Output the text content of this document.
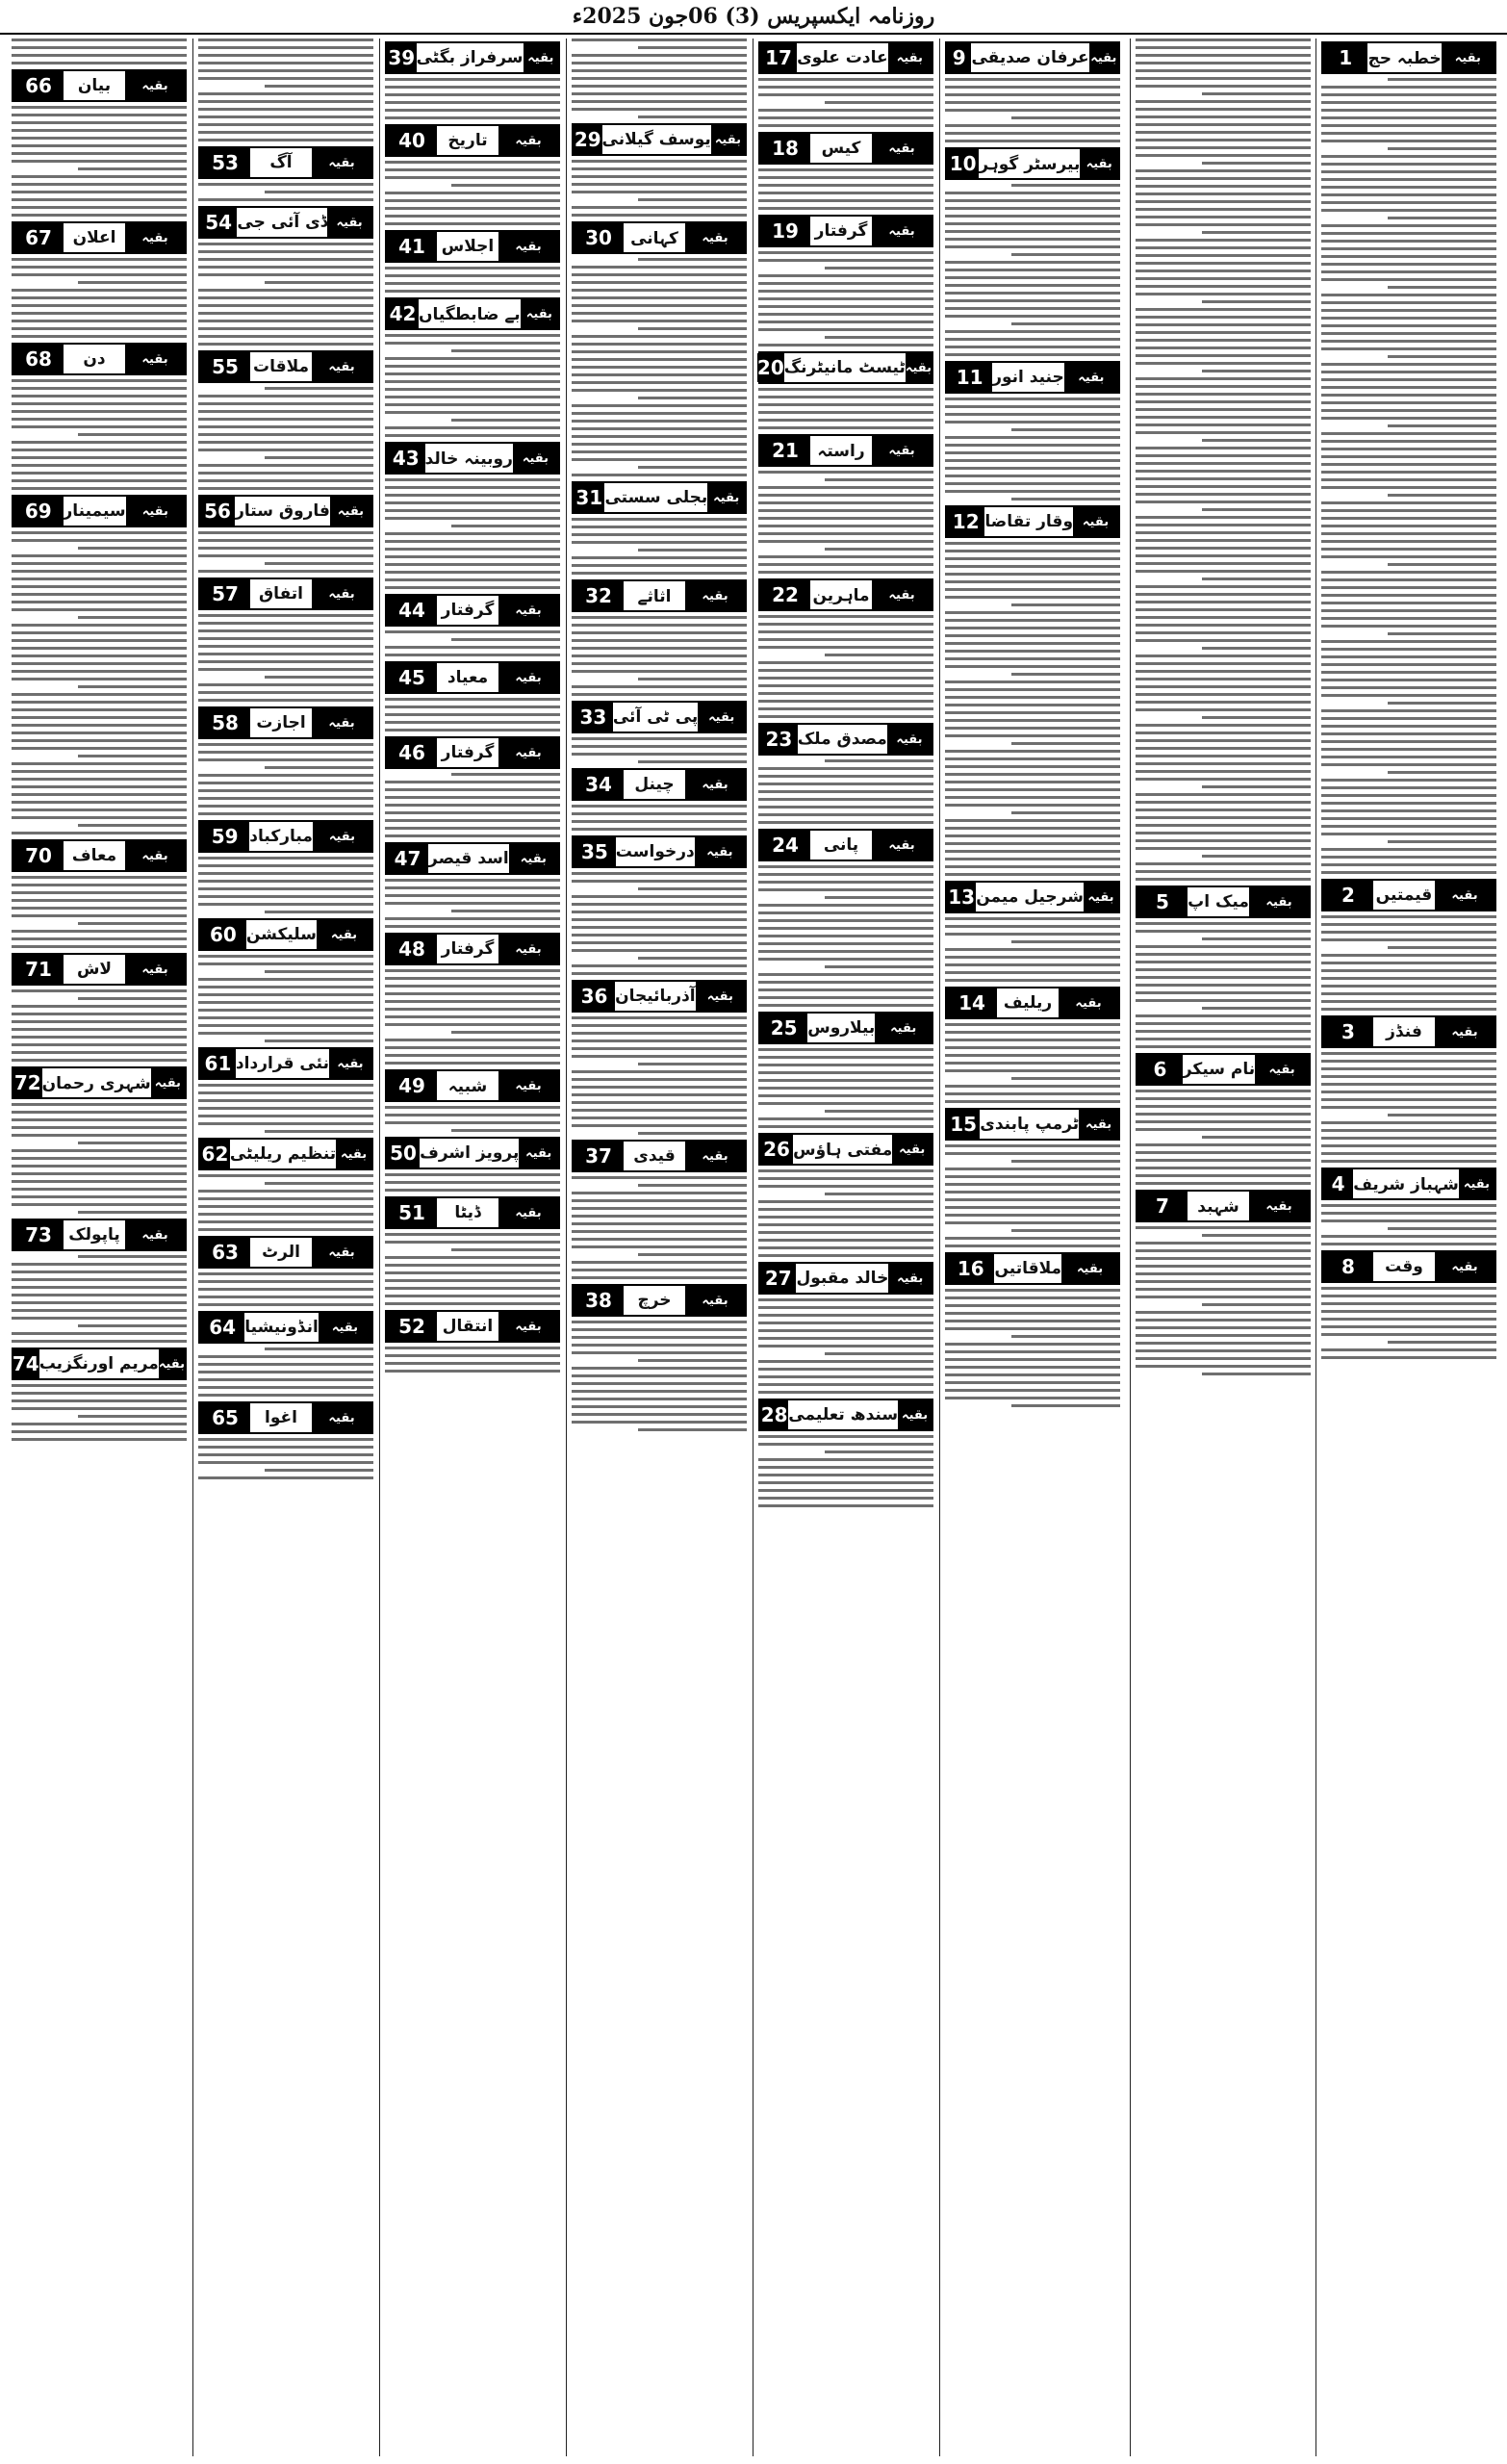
روزنامہ ایکسپریس (3) 06جون 2025ء
بقیہ
خطبہ حج
1
بقیہ
قیمتیں
2
بقیہ
فنڈز
3
بقیہ
شہباز شریف
4
بقیہ
وقت
8
بقیہ
میک اپ
5
بقیہ
نام سیکر
6
بقیہ
شہبد
7
بقیہ
عرفان صدیقی
9
بقیہ
بیرسٹر گوہر
10
بقیہ
جنید انور
11
بقیہ
وقار تقاضا
12
بقیہ
شرجیل میمن
13
بقیہ
ریلیف
14
بقیہ
ٹرمپ پابندی
15
بقیہ
ملاقاتیں
16
بقیہ
عادت علوی
17
بقیہ
کیس
18
بقیہ
گرفتار
19
بقیہ
ٹیسٹ مانیٹرنگ
20
بقیہ
راستہ
21
بقیہ
ماہرین
22
بقیہ
مصدق ملک
23
بقیہ
پانی
24
بقیہ
بیلاروس
25
بقیہ
مفتی ہاؤس
26
بقیہ
خالد مقبول
27
بقیہ
سندھ تعلیمی
28
بقیہ
یوسف گیلانی
29
بقیہ
کہانی
30
بقیہ
بجلی سستی
31
بقیہ
اثاثے
32
بقیہ
پی ٹی آئی
33
بقیہ
چینل
34
بقیہ
درخواست
35
بقیہ
آذربائیجان
36
بقیہ
قیدی
37
بقیہ
خرچ
38
بقیہ
سرفراز بگٹی
39
بقیہ
تاریخ
40
بقیہ
اجلاس
41
بقیہ
بے ضابطگیاں
42
بقیہ
روبینہ خالد
43
بقیہ
گرفتار
44
بقیہ
معیاد
45
بقیہ
گرفتار
46
بقیہ
اسد قیصر
47
بقیہ
گرفتار
48
بقیہ
شبیہ
49
بقیہ
پرویز اشرف
50
بقیہ
ڈیٹا
51
بقیہ
انتقال
52
بقیہ
آگ
53
بقیہ
ڈی آئی جی
54
بقیہ
ملاقات
55
بقیہ
فاروق ستار
56
بقیہ
اتفاق
57
بقیہ
اجازت
58
بقیہ
مبارکباد
59
بقیہ
سلیکشن
60
بقیہ
نئی قرارداد
61
بقیہ
تنظیم ریلیٹی
62
بقیہ
الرٹ
63
بقیہ
انڈونیشیا
64
بقیہ
اغوا
65
بقیہ
بیان
66
بقیہ
اعلان
67
بقیہ
دن
68
بقیہ
سیمینار
69
بقیہ
معاف
70
بقیہ
لاش
71
بقیہ
شہری رحمان
72
بقیہ
پاپولک
73
بقیہ
مریم اورنگزیب
74
